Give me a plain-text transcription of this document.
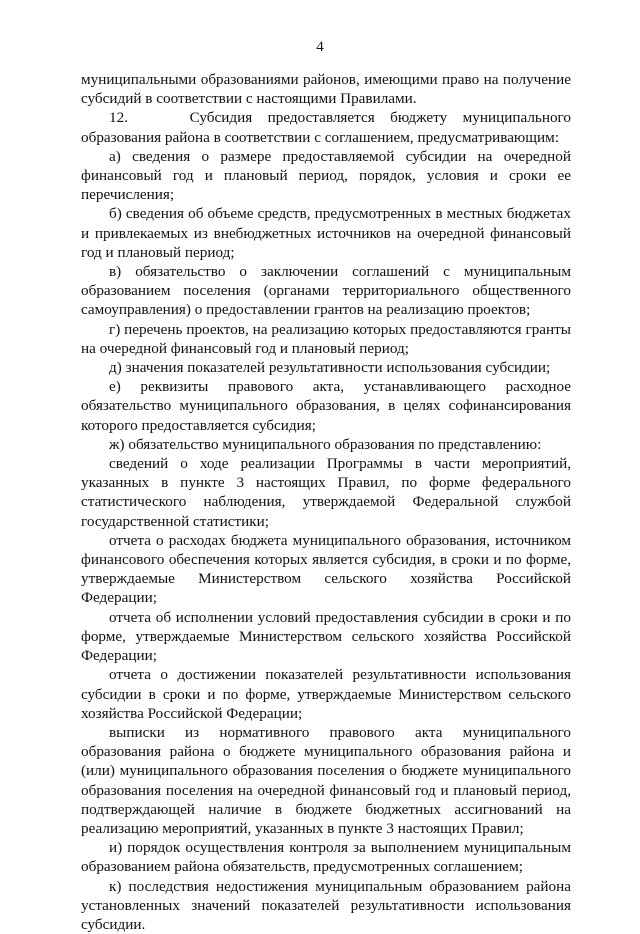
4

муниципальными образованиями районов, имеющими право на получение субсидий в соответствии с настоящими Правилами.

12.    Субсидия предоставляется бюджету муниципального образования района в соответствии с соглашением, предусматривающим:

а) сведения о размере предоставляемой субсидии на очередной финансовый год и плановый период, порядок, условия и сроки ее перечисления;

б) сведения об объеме средств, предусмотренных в местных бюджетах и привлекаемых из внебюджетных источников на очередной финансовый год и плановый период;

в) обязательство о заключении соглашений с муниципальным образованием поселения (органами территориального общественного самоуправления) о предоставлении грантов на реализацию проектов;

г) перечень проектов, на реализацию которых предоставляются гранты на очередной финансовый год и плановый период;

д) значения показателей результативности использования субсидии;

е) реквизиты правового акта, устанавливающего расходное обязательство муниципального образования, в целях софинансирования которого предоставляется субсидия;

ж) обязательство муниципального образования по представлению:

сведений о ходе реализации Программы в части мероприятий, указанных в пункте 3 настоящих Правил, по форме федерального статистического наблюдения, утверждаемой Федеральной службой государственной статистики;

отчета о расходах бюджета муниципального образования, источником финансового обеспечения которых является субсидия, в сроки и по форме, утверждаемые Министерством сельского хозяйства Российской Федерации;

отчета об исполнении условий предоставления субсидии в сроки и по форме, утверждаемые Министерством сельского хозяйства Российской Федерации;

отчета о достижении показателей результативности использования субсидии в сроки и по форме, утверждаемые Министерством сельского хозяйства Российской Федерации;

выписки из нормативного правового акта муниципального образования района о бюджете муниципального образования района и (или) муниципального образования поселения о бюджете муниципального образования поселения на очередной финансовый год и плановый период, подтверждающей наличие в бюджете бюджетных ассигнований на реализацию мероприятий, указанных в пункте 3 настоящих Правил;

и) порядок осуществления контроля за выполнением муниципальным образованием района обязательств, предусмотренных соглашением;

к) последствия недостижения муниципальным образованием района установленных значений показателей результативности использования субсидии.
